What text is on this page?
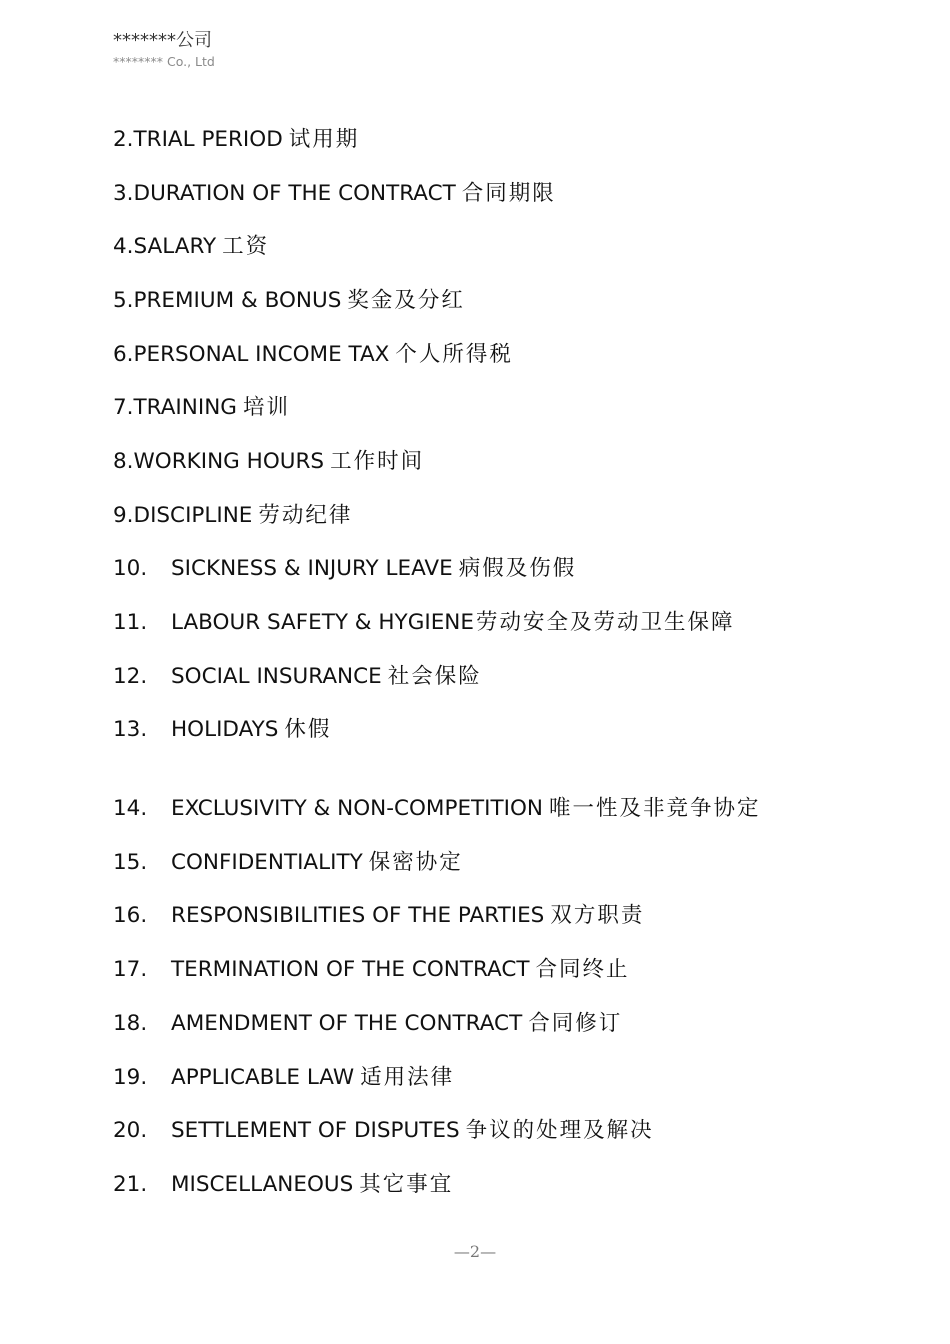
*******公司
******** Co., Ltd
2.TRIAL PERIOD 试用期
3.DURATION OF THE CONTRACT 合同期限
4.SALARY 工资
5.PREMIUM & BONUS 奖金及分红
6.PERSONAL INCOME TAX 个人所得税
7.TRAINING 培训
8.WORKING HOURS 工作时间
9.DISCIPLINE 劳动纪律
10. SICKNESS & INJURY LEAVE 病假及伤假
11. LABOUR SAFETY & HYGIENE劳动安全及劳动卫生保障
12. SOCIAL INSURANCE 社会保险
13. HOLIDAYS 休假
14. EXCLUSIVITY & NON-COMPETITION 唯一性及非竞争协定
15. CONFIDENTIALITY 保密协定
16. RESPONSIBILITIES OF THE PARTIES 双方职责
17. TERMINATION OF THE CONTRACT 合同终止
18. AMENDMENT OF THE CONTRACT 合同修订
19. APPLICABLE LAW 适用法律
20. SETTLEMENT OF DISPUTES 争议的处理及解决
21. MISCELLANEOUS 其它事宜
—2—
